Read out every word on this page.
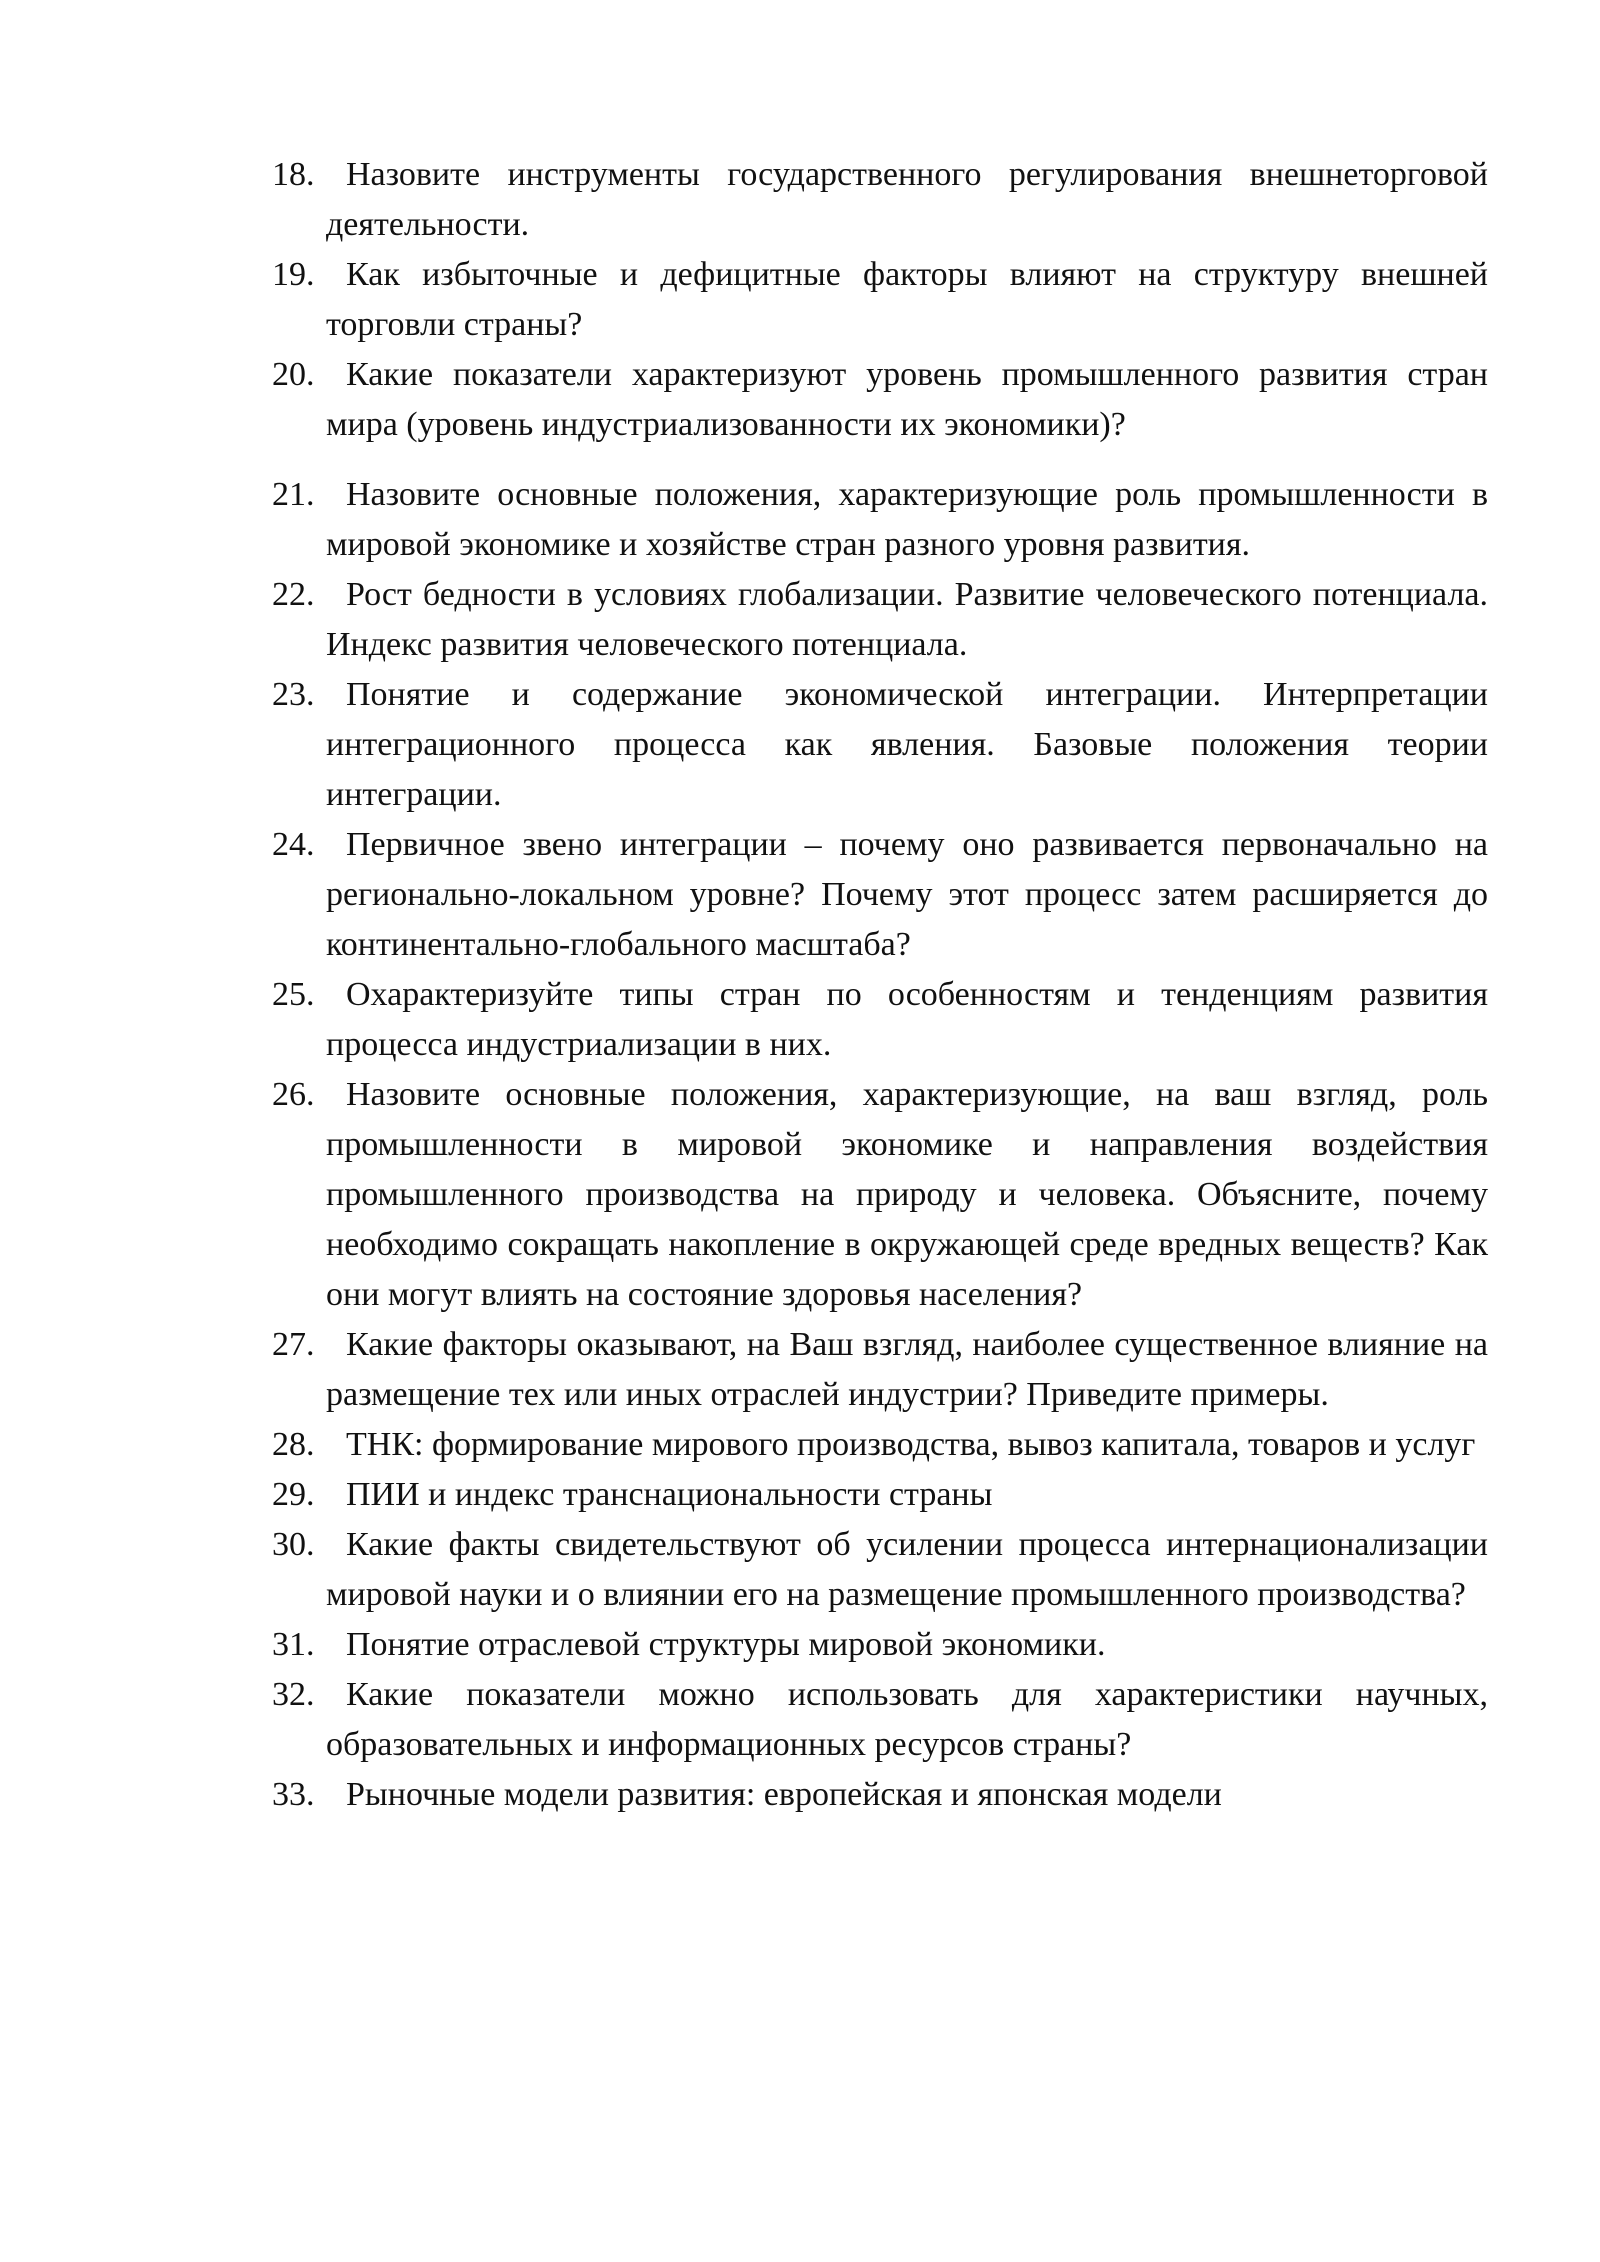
18. Назовите инструменты государственного регулирования внешнеторговой деятельности.
19. Как избыточные и дефицитные факторы влияют на структуру внешней торговли страны?
20. Какие показатели характеризуют уровень промышленного развития стран мира (уровень индустриализованности их экономики)?
21. Назовите основные положения, характеризующие роль промышленности в мировой экономике и хозяйстве стран разного уровня развития.
22. Рост бедности в условиях глобализации. Развитие человеческого потенциала. Индекс развития человеческого потенциала.
23. Понятие и содержание экономической интеграции. Интерпретации интеграционного процесса как явления. Базовые положения теории интеграции.
24. Первичное звено интеграции – почему оно развивается первоначально на регионально-локальном уровне? Почему этот процесс затем расширяется до континентально-глобального масштаба?
25. Охарактеризуйте типы стран по особенностям и тенденциям развития процесса индустриализации в них.
26. Назовите основные положения, характеризующие, на ваш взгляд, роль промышленности в мировой экономике и направления воздействия промышленного производства на природу и человека. Объясните, почему необходимо сокращать накопление в окружающей среде вредных веществ? Как они могут влиять на состояние здоровья населения?
27. Какие факторы оказывают, на Ваш взгляд, наиболее существенное влияние на размещение тех или иных отраслей индустрии? Приведите примеры.
28. ТНК: формирование мирового производства, вывоз капитала, товаров и услуг
29. ПИИ и индекс транснациональности страны
30. Какие факты свидетельствуют об усилении процесса интернационализации мировой науки и о влиянии его на размещение промышленного производства?
31. Понятие отраслевой структуры мировой экономики.
32. Какие показатели можно использовать для характеристики научных, образовательных и информационных ресурсов страны?
33. Рыночные модели развития: европейская и японская модели
